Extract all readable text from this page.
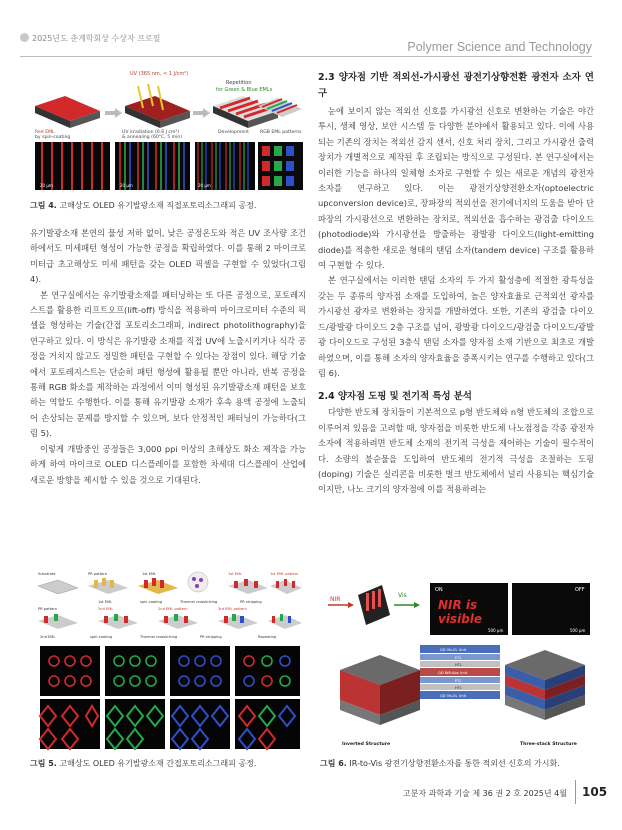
2025년도 춘계학회상 수상자 프로필
Polymer Science and Technology
UV (365 nm, < 1 J/cm²)
Repetition
for Green & Blue EMLs
Red EML
by spin-coating
UV irradiation (0.6 J cm²)
& annealing (60°C, 5 min)
Development RGB EML patterns
20 μm	20 μm	20 μm
그림 4. 고해상도 OLED 유기발광소재 직접포토리소그래피 공정.

유기발광소재 본연의 물성 저하 없이, 낮은 공정온도와 적은 UV 조사량 조건 하에서도 미세패턴 형성이 가능한 공정을 확립하였다. 이를 통해 2 마이크로미터급 초고해상도 미세 패턴을 갖는 OLED 픽셀을 구현할 수 있었다(그림 4).

본 연구실에서는 유기발광소재를 패터닝하는 또 다른 공정으로, 포토레지스트를 활용한 리프트오프(lift-off) 방식을 적용하여 마이크로미터 수준의 픽셀을 형성하는 기술(간접 포토리소그래피, indirect photolithography)을 연구하고 있다. 이 방식은 유기발광 소재를 직접 UV에 노출시키거나 식각 공정을 거치지 않고도 정밀한 패턴을 구현할 수 있다는 장점이 있다. 해당 기술에서 포토레지스트는 단순히 패턴 형성에 활용될 뿐만 아니라, 반복 공정을 통해 RGB 화소를 제작하는 과정에서 이미 형성된 유기발광소재 패턴을 보호하는 역할도 수행한다. 이를 통해 유기발광 소재가 후속 용액 공정에 노출되어 손상되는 문제를 방지할 수 있으며, 보다 안정적인 패터닝이 가능하다(그림 5).

이렇게 개발중인 공정들은 3,000 ppi 이상의 초해상도 화소 제작을 가능하게 하여 마이크로 OLED 디스플레이를 포함한 차세대 디스플레이 산업에 새로운 방향을 제시할 수 있을 것으로 기대된다.

Substrate	PR pattern	1st EML	1st EML	1st EML pattern
1st EML	spin-coating	Thermal crosslinking	PR stripping
PR pattern	2nd EML	2nd EML pattern	3rd EML pattern
2nd EML	spin-coating	Thermal crosslinking	PR stripping	Repeating
그림 5. 고해상도 OLED 유기발광소재 간접포토리소그래피 공정.

2.3 양자점 기반 적외선-가시광선 광전기상향전환 광전자 소자 연구

눈에 보이지 않는 적외선 신호를 가시광선 신호로 변환하는 기술은 야간 투시, 생체 영상, 보안 시스템 등 다양한 분야에서 활용되고 있다. 이에 사용되는 기존의 장치는 적외선 감지 센서, 신호 처리 장치, 그리고 가시광선 출력 장치가 개별적으로 제작된 후 조립되는 방식으로 구성된다. 본 연구실에서는 이러한 기능을 하나의 일체형 소자로 구현할 수 있는 새로운 개념의 광전자 소자를 연구하고 있다. 이는 광전기상향전환소자(optoelectric upconversion device)로, 장파장의 적외선을 전기에너지의 도움을 받아 단파장의 가시광선으로 변환하는 장치로, 적외선을 흡수하는 광검출 다이오드(photodiode)와 가시광선을 방출하는 광발광 다이오드(light-emitting diode)를 적층한 새로운 형태의 탠덤 소자(tandem device) 구조를 활용하여 구현할 수 있다.

본 연구실에서는 이러한 탠덤 소자의 두 가지 활성층에 적절한 광특성을 갖는 두 종류의 양자점 소재를 도입하여, 높은 양자효율로 근적외선 광자를 가시광선 광자로 변환하는 장치를 개발하였다. 또한, 기존의 광검출 다이오드/광발광 다이오드 2층 구조를 넘어, 광발광 다이오드/광검출 다이오드/광발광 다이오드로 구성된 3층식 탠덤 소자를 양자점 소재 기반으로 최초로 개발하였으며, 이를 통해 소자의 양자효율을 증폭시키는 연구를 수행하고 있다(그림 6).

2.4 양자점 도핑 및 전기적 특성 분석

다양한 반도체 장치들이 기본적으로 p형 반도체와 n형 반도체의 조합으로 이루어져 있음을 고려할 때, 양자점을 비롯한 반도체 나노점정을 각종 광전자소자에 적용하려면 반도체 소재의 전기적 극성을 제어하는 기술이 필수적이다. 소량의 불순물을 도입하여 반도체의 전기적 극성을 조절하는 도핑(doping) 기술은 실리콘을 비롯한 벌크 반도체에서 널리 사용되는 핵심기술이지만, 나노 크기의 양자점에 이를 적용하려는

NIR
Vis
ON
NIR is
visible
500 μm
OFF
500 μm
QD Vis-EL Unit
ETL
HTL
QD NIR-Abs Unit
ETL
HTL
QD Vis-EL Unit
Inverted Structure	Three-stack Structure
그림 6. IR-to-Vis 광전기상향전환소자를 통한 적외선 신호의 가시화.
고분자 과학과 기술 제 36 권 2 호 2025년 4월	105
